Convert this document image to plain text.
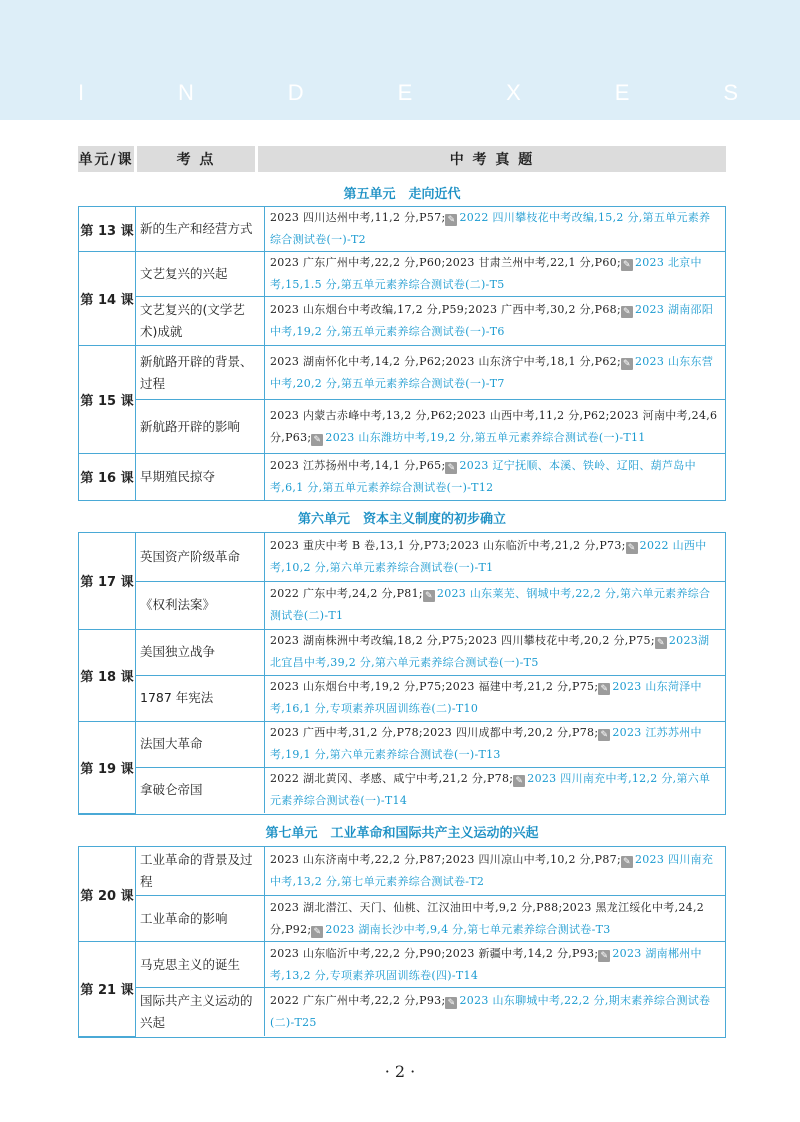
I	N	D	E	X	E	S
单元/课	考 点	中 考 真 题
第五单元　走向近代
第 13 课	新的生产和经营方式	2023 四川达州中考,11,2 分,P57; ✎ 2022 四川攀枝花中考改编,15,2 分,第五单元素养综合测试卷(一)-T2
第 14 课	文艺复兴的兴起	2023 广东广州中考,22,2 分,P60;2023 甘肃兰州中考,22,1 分,P60; ✎ 2023 北京中考,15,1.5 分,第五单元素养综合测试卷(二)-T5
	文艺复兴的(文学艺术)成就	2023 山东烟台中考改编,17,2 分,P59;2023 广西中考,30,2 分,P68; ✎ 2023 湖南邵阳中考,19,2 分,第五单元素养综合测试卷(一)-T6
第 15 课	新航路开辟的背景、过程	2023 湖南怀化中考,14,2 分,P62;2023 山东济宁中考,18,1 分,P62; ✎ 2023 山东东营中考,20,2 分,第五单元素养综合测试卷(一)-T7
	新航路开辟的影响	2023 内蒙古赤峰中考,13,2 分,P62;2023 山西中考,11,2 分,P62;2023 河南中考,24,6 分,P63; ✎ 2023 山东潍坊中考,19,2 分,第五单元素养综合测试卷(一)-T11
第 16 课	早期殖民掠夺	2023 江苏扬州中考,14,1 分,P65; ✎ 2023 辽宁抚顺、本溪、铁岭、辽阳、葫芦岛中考,6,1 分,第五单元素养综合测试卷(一)-T12
第六单元　资本主义制度的初步确立
第 17 课	英国资产阶级革命	2023 重庆中考 B 卷,13,1 分,P73;2023 山东临沂中考,21,2 分,P73; ✎ 2022 山西中考,10,2 分,第六单元素养综合测试卷(一)-T1
	《权利法案》	2022 广东中考,24,2 分,P81; ✎ 2023 山东莱芜、钢城中考,22,2 分,第六单元素养综合测试卷(二)-T1
第 18 课	美国独立战争	2023 湖南株洲中考改编,18,2 分,P75;2023 四川攀枝花中考,20,2 分,P75; ✎ 2023湖北宜昌中考,39,2 分,第六单元素养综合测试卷(一)-T5
	1787 年宪法	2023 山东烟台中考,19,2 分,P75;2023 福建中考,21,2 分,P75; ✎ 2023 山东菏泽中考,16,1 分,专项素养巩固训练卷(二)-T10
第 19 课	法国大革命	2023 广西中考,31,2 分,P78;2023 四川成都中考,20,2 分,P78; ✎ 2023 江苏苏州中考,19,1 分,第六单元素养综合测试卷(一)-T13
	拿破仑帝国	2022 湖北黄冈、孝感、咸宁中考,21,2 分,P78; ✎ 2023 四川南充中考,12,2 分,第六单元素养综合测试卷(一)-T14
第七单元　工业革命和国际共产主义运动的兴起
第 20 课	工业革命的背景及过程	2023 山东济南中考,22,2 分,P87;2023 四川凉山中考,10,2 分,P87; ✎ 2023 四川南充中考,13,2 分,第七单元素养综合测试卷-T2
	工业革命的影响	2023 湖北潜江、天门、仙桃、江汉油田中考,9,2 分,P88;2023 黑龙江绥化中考,24,2 分,P92; ✎ 2023 湖南长沙中考,9,4 分,第七单元素养综合测试卷-T3
第 21 课	马克思主义的诞生	2023 山东临沂中考,22,2 分,P90;2023 新疆中考,14,2 分,P93; ✎ 2023 湖南郴州中考,13,2 分,专项素养巩固训练卷(四)-T14
	国际共产主义运动的兴起	2022 广东广州中考,22,2 分,P93; ✎ 2023 山东聊城中考,22,2 分,期末素养综合测试卷(二)-T25
· 2 ·
